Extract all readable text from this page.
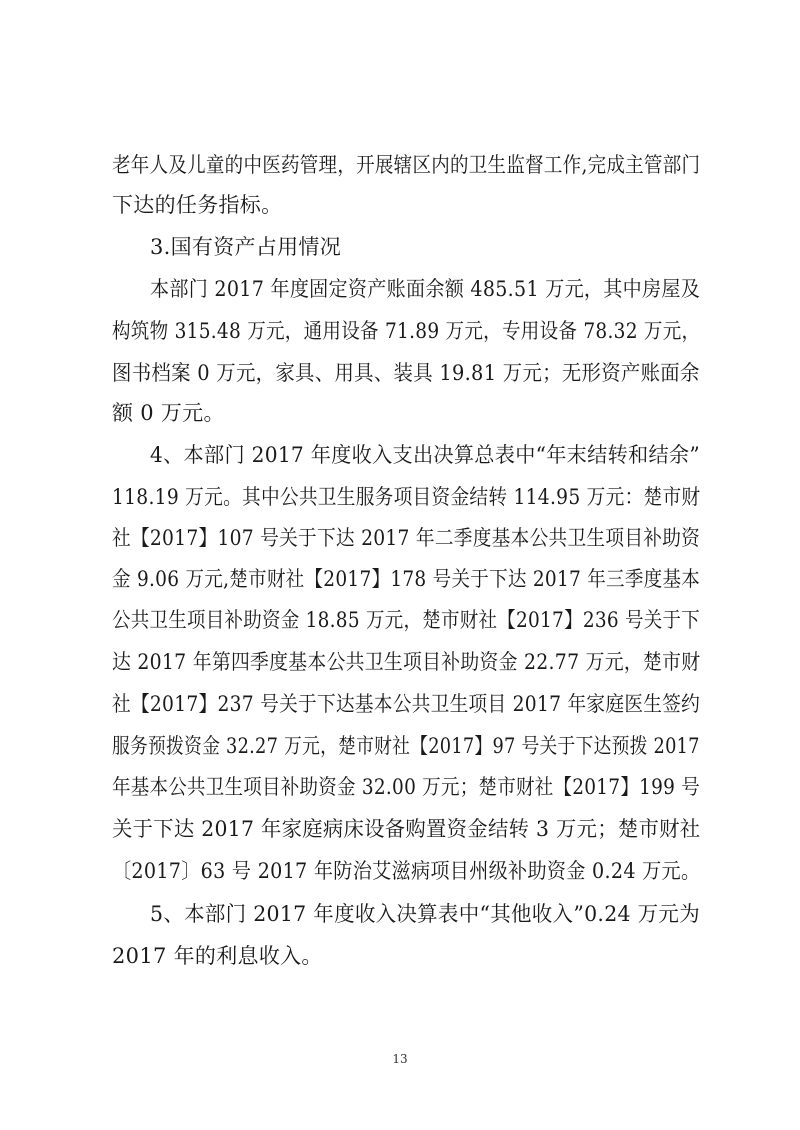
老年人及儿童的中医药管理，开展辖区内的卫生监督工作,完成主管部门
下达的任务指标。
3.国有资产占用情况
本部门 2017 年度固定资产账面余额 485.51 万元，其中房屋及
构筑物 315.48 万元，通用设备 71.89 万元，专用设备 78.32 万元，
图书档案 0 万元，家具、用具、装具 19.81 万元；无形资产账面余
额 0 万元。
4、本部门 2017 年度收入支出决算总表中“年末结转和结余”
118.19 万元。其中公共卫生服务项目资金结转 114.95 万元：楚市财
社【2017】107 号关于下达 2017 年二季度基本公共卫生项目补助资
金 9.06 万元,楚市财社【2017】178 号关于下达 2017 年三季度基本
公共卫生项目补助资金 18.85 万元，楚市财社【2017】236 号关于下
达 2017 年第四季度基本公共卫生项目补助资金 22.77 万元，楚市财
社【2017】237 号关于下达基本公共卫生项目 2017 年家庭医生签约
服务预拨资金 32.27 万元，楚市财社【2017】97 号关于下达预拨 2017
年基本公共卫生项目补助资金 32.00 万元；楚市财社【2017】199 号
关于下达 2017 年家庭病床设备购置资金结转 3 万元；楚市财社
〔2017〕63 号 2017 年防治艾滋病项目州级补助资金 0.24 万元。
5、本部门 2017 年度收入决算表中“其他收入”0.24 万元为
2017 年的利息收入。
13
